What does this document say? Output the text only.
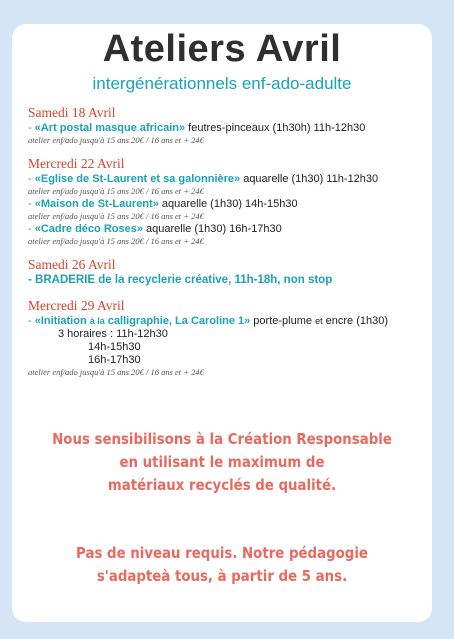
Ateliers Avril
intergénérationnels enf-ado-adulte
Samedi 18 Avril
- «Art postal masque africain» feutres-pinceaux (1h30h) 11h-12h30
atelier enf/ado jusqu'à 15 ans 20€ / 16 ans et + 24€
Mercredi 22 Avril
- «Eglise de St-Laurent et sa galonnière» aquarelle (1h30) 11h-12h30
atelier enf/ado jusqu'à 15 ans 20€ / 16 ans et + 24€
- «Maison de St-Laurent» aquarelle (1h30) 14h-15h30
atelier enf/ado jusqu'à 15 ans 20€ / 16 ans et + 24€
- «Cadre déco Roses» aquarelle (1h30) 16h-17h30
atelier enf/ado jusqu'à 15 ans 20€ / 16 ans et + 24€
Samedi 26 Avril
- BRADERIE de la recyclerie créative, 11h-18h, non stop
Mercredi 29 Avril
- «Initiation à la calligraphie, La Caroline 1» porte-plume et encre (1h30)
3 horaires : 11h-12h30
14h-15h30
16h-17h30
atelier enf/ado jusqu'à 15 ans 20€ / 16 ans et + 24€
Nous sensibilisons à la Création Responsable
en utilisant le maximum de
matériaux recyclés de qualité.
Pas de niveau requis. Notre pédagogie
s'adapteà tous, à partir de 5 ans.
